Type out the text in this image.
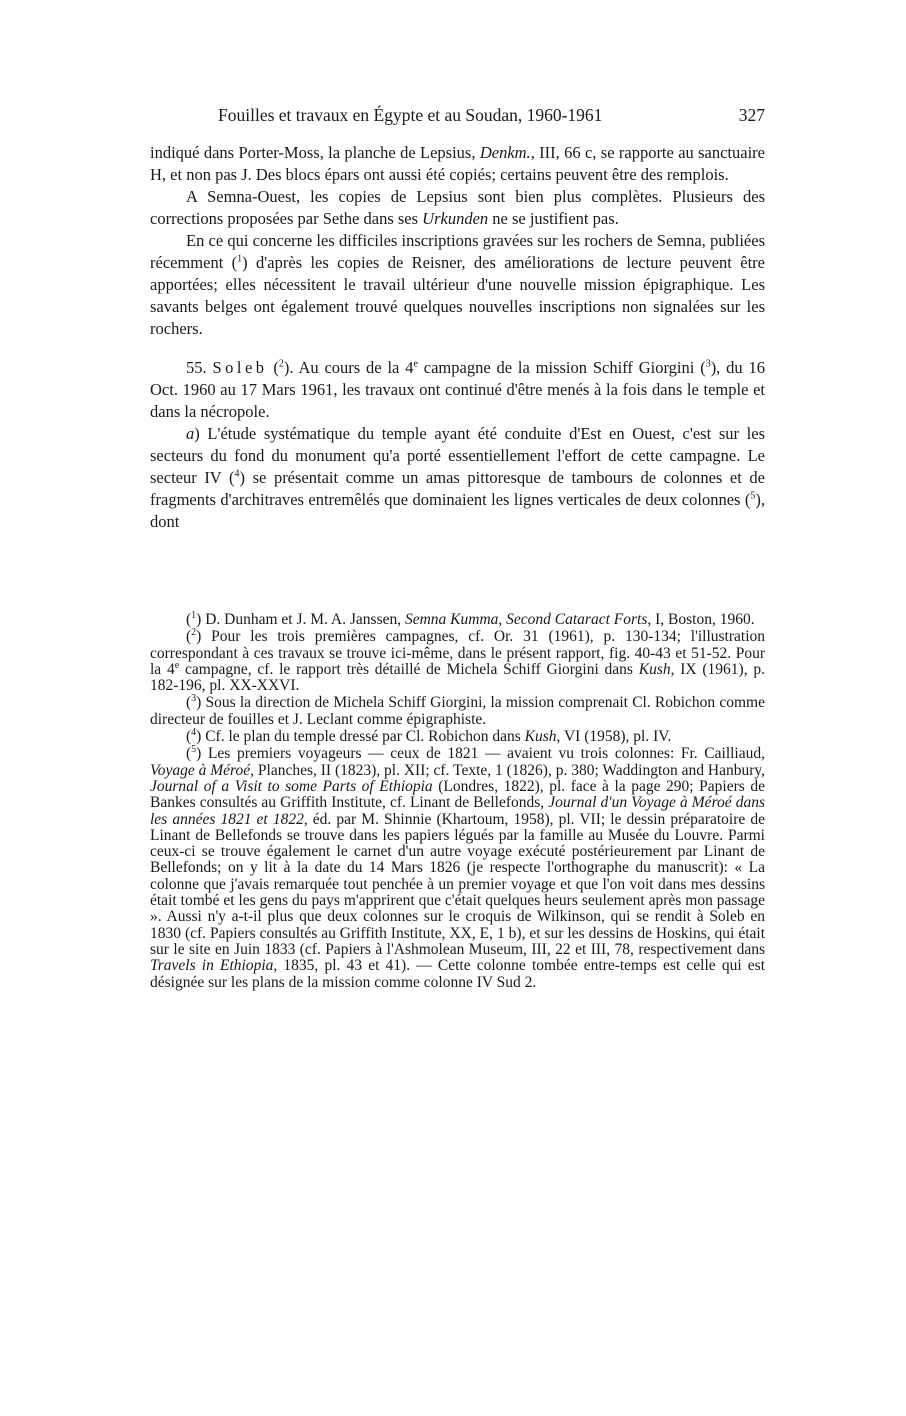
Fouilles et travaux en Égypte et au Soudan, 1960-1961	327

indiqué dans Porter-Moss, la planche de Lepsius, Denkm., III, 66 c, se rapporte au sanctuaire H, et non pas J. Des blocs épars ont aussi été copiés; certains peuvent être des remplois.

A Semna-Ouest, les copies de Lepsius sont bien plus complètes. Plusieurs des corrections proposées par Sethe dans ses Urkunden ne se justifient pas.

En ce qui concerne les difficiles inscriptions gravées sur les rochers de Semna, publiées récemment ($^1$) d'après les copies de Reisner, des améliorations de lecture peuvent être apportées; elles nécessitent le travail ultérieur d'une nouvelle mission épigraphique. Les savants belges ont également trouvé quelques nouvelles inscriptions non signalées sur les rochers.

55. Soleb ($^2$). Au cours de la 4e campagne de la mission Schiff Giorgini ($^3$), du 16 Oct. 1960 au 17 Mars 1961, les travaux ont continué d'être menés à la fois dans le temple et dans la nécropole.

a) L'étude systématique du temple ayant été conduite d'Est en Ouest, c'est sur les secteurs du fond du monument qu'a porté essentiellement l'effort de cette campagne. Le secteur IV ($^4$) se présentait comme un amas pittoresque de tambours de colonnes et de fragments d'architraves entremêlés que dominaient les lignes verticales de deux colonnes ($^5$), dont

($^1$) D. Dunham et J. M. A. Janssen, Semna Kumma, Second Cataract Forts, I, Boston, 1960.

($^2$) Pour les trois premières campagnes, cf. Or. 31 (1961), p. 130-134; l'illustration correspondant à ces travaux se trouve ici-même, dans le présent rapport, fig. 40-43 et 51-52. Pour la 4e campagne, cf. le rapport très détaillé de Michela Schiff Giorgini dans Kush, IX (1961), p. 182-196, pl. XX-XXVI.

($^3$) Sous la direction de Michela Schiff Giorgini, la mission comprenait Cl. Robichon comme directeur de fouilles et J. Leclant comme épigraphiste.

($^4$) Cf. le plan du temple dressé par Cl. Robichon dans Kush, VI (1958), pl. IV.

($^5$) Les premiers voyageurs — ceux de 1821 — avaient vu trois colonnes: Fr. Cailliaud, Voyage à Méroé, Planches, II (1823), pl. XII; cf. Texte, 1 (1826), p. 380; Waddington and Hanbury, Journal of a Visit to some Parts of Ethiopia (Londres, 1822), pl. face à la page 290; Papiers de Bankes consultés au Griffith Institute, cf. Linant de Bellefonds, Journal d'un Voyage à Méroé dans les années 1821 et 1822, éd. par M. Shinnie (Khartoum, 1958), pl. VII; le dessin préparatoire de Linant de Bellefonds se trouve dans les papiers légués par la famille au Musée du Louvre. Parmi ceux-ci se trouve également le carnet d'un autre voyage exécuté postérieurement par Linant de Bellefonds; on y lit à la date du 14 Mars 1826 (je respecte l'orthographe du manuscrit): « La colonne que j'avais remarquée tout penchée à un premier voyage et que l'on voit dans mes dessins était tombé et les gens du pays m'apprirent que c'était quelques heurs seulement après mon passage ». Aussi n'y a-t-il plus que deux colonnes sur le croquis de Wilkinson, qui se rendit à Soleb en 1830 (cf. Papiers consultés au Griffith Institute, XX, E, 1 b), et sur les dessins de Hoskins, qui était sur le site en Juin 1833 (cf. Papiers à l'Ashmolean Museum, III, 22 et III, 78, respectivement dans Travels in Ethiopia, 1835, pl. 43 et 41). — Cette colonne tombée entre-temps est celle qui est désignée sur les plans de la mission comme colonne IV Sud 2.
